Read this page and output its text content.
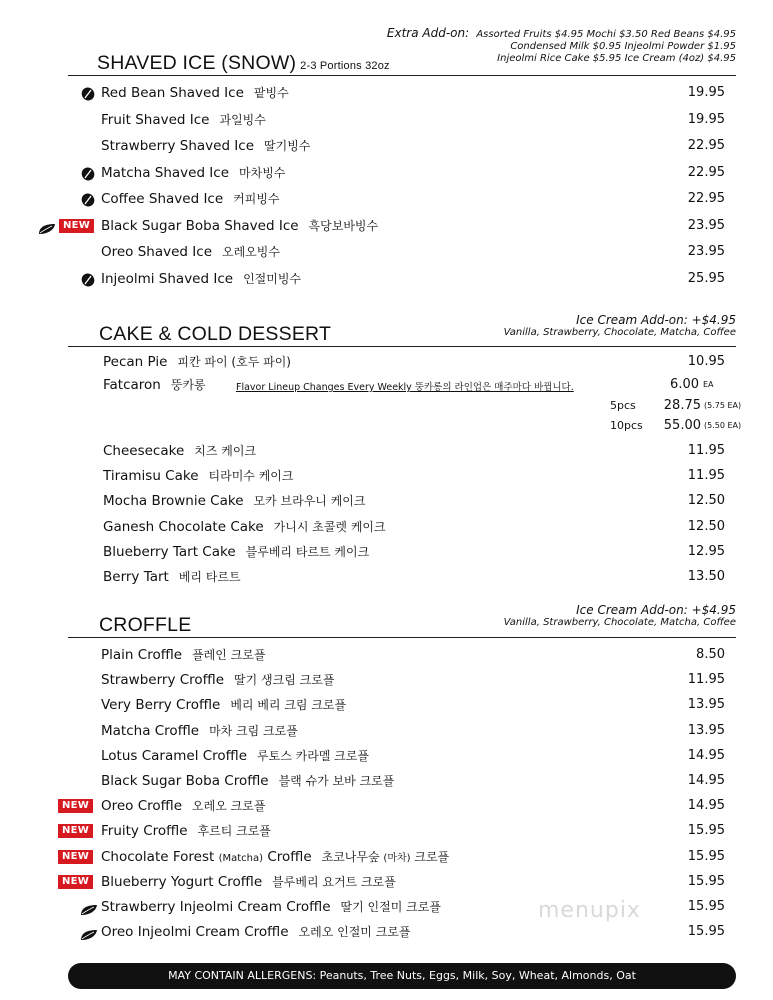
Extra Add-on: Assorted Fruits $4.95 Mochi $3.50 Red Beans $4.95
Condensed Milk $0.95 Injeolmi Powder $1.95
Injeolmi Rice Cake $5.95 Ice Cream (4oz) $4.95
SHAVED ICE (SNOW) 2-3 Portions 32oz
Red Bean Shaved Ice 팥빙수	19.95
Fruit Shaved Ice 과일빙수	19.95
Strawberry Shaved Ice 딸기빙수	22.95
Matcha Shaved Ice 마차빙수	22.95
Coffee Shaved Ice 커피빙수	22.95
Black Sugar Boba Shaved Ice 흑당보바빙수	23.95
NEW
Oreo Shaved Ice 오레오빙수	23.95
Injeolmi Shaved Ice 인절미빙수	25.95
Ice Cream Add-on: +$4.95
Vanilla, Strawberry, Chocolate, Matcha, Coffee
CAKE & COLD DESSERT
Pecan Pie 피칸 파이 (호두 파이)	10.95
Fatcaron 뚱카롱	6.00 EA
Flavor Lineup Changes Every Weekly 뚱카롱의 라인업은 매주마다 바뀝니다.
5pcs 28.75 (5.75 EA)
10pcs 55.00 (5.50 EA)
Cheesecake 치즈 케이크	11.95
Tiramisu Cake 티라미수 케이크	11.95
Mocha Brownie Cake 모카 브라우니 케이크	12.50
Ganesh Chocolate Cake 가니시 초콜렛 케이크	12.50
Blueberry Tart Cake 블루베리 타르트 케이크	12.95
Berry Tart 베리 타르트	13.50
Ice Cream Add-on: +$4.95
Vanilla, Strawberry, Chocolate, Matcha, Coffee
CROFFLE
Plain Croffle 플레인 크로플	8.50
Strawberry Croffle 딸기 생크림 크로플	11.95
Very Berry Croffle 베리 베리 크림 크로플	13.95
Matcha Croffle 마차 크림 크로플	13.95
Lotus Caramel Croffle 루토스 카라멜 크로플	14.95
Black Sugar Boba Croffle 블랙 슈가 보바 크로플	14.95
Oreo Croffle 오레오 크로플	14.95
NEW
Fruity Croffle 후르티 크로플	15.95
NEW
Chocolate Forest (Matcha) Croffle 초코나무숲 (마차) 크로플	15.95
NEW
Blueberry Yogurt Croffle 블루베리 요거트 크로플	15.95
NEW
Strawberry Injeolmi Cream Croffle 딸기 인절미 크로플	15.95
Oreo Injeolmi Cream Croffle 오레오 인절미 크로플	15.95
menupix
MAY CONTAIN ALLERGENS: Peanuts, Tree Nuts, Eggs, Milk, Soy, Wheat, Almonds, Oat
